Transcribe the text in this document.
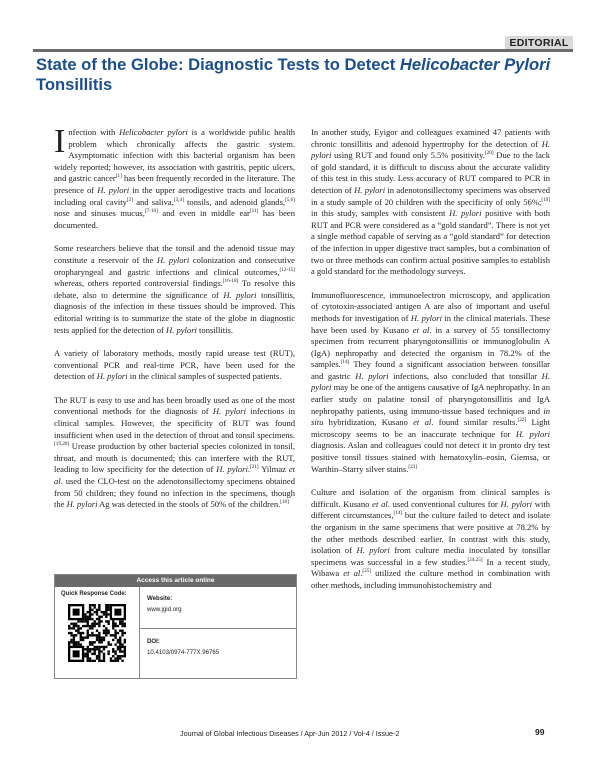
EDITORIAL
State of the Globe: Diagnostic Tests to Detect Helicobacter Pylori Tonsillitis

Infection with Helicobacter pylori is a worldwide public health problem which chronically affects the gastric system. Asymptomatic infection with this bacterial organism has been widely reported; however, its association with gastritis, peptic ulcers, and gastric cancer[1] has been frequently recorded in the literature. The presence of H. pylori in the upper aerodigestive tracts and locations including oral cavity[2] and saliva,[3,4] tonsils, and adenoid glands,[5,6] nose and sinuses mucus,[7-10] and even in middle ear[11] has been documented.

Some researchers believe that the tonsil and the adenoid tissue may constitute a reservoir of the H. pylori colonization and consecutive oropharyngeal and gastric infections and clinical outcomes,[12-15] whereas, others reported controversial findings.[16-18] To resolve this debate, also to determine the significance of H. pylori tonsillitis, diagnosis of the infection in these tissues should be improved. This editorial writing is to summarize the state of the globe in diagnostic tests applied for the detection of H. pylori tonsillitis.

A variety of laboratory methods, mostly rapid urease test (RUT), conventional PCR and real-time PCR, have been used for the detection of H. pylori in the clinical samples of suspected patients.

The RUT is easy to use and has been broadly used as one of the most conventional methods for the diagnosis of H. pylori infections in clinical samples. However, the specificity of RUT was found insufficient when used in the detection of throat and tonsil specimens.[19,20] Urease production by other bacterial species colonized in tonsil, throat, and mouth is documented; this can interfere with the RUT, leading to low specificity for the detection of H. pylori.[21] Yilmaz et al. used the CLO-test on the adenotonsillectomy specimens obtained from 50 children; they found no infection in the specimens, though the H. pylori Ag was detected in the stools of 50% of the children.[16]

In another study, Eyigor and colleagues examined 47 patients with chronic tonsillitis and adenoid hypertrophy for the detection of H. pylori using RUT and found only 5.5% positivity.[20] Due to the lack of gold standard, it is difficult to discuss about the accurate validity of this test in this study. Less accuracy of RUT compared to PCR in detection of H. pylori in adenotonsillectomy specimens was observed in a study sample of 20 children with the specificity of only 56%;[19] in this study, samples with consistent H. pylori positive with both RUT and PCR were considered as a “gold standard”. There is not yet a single method capable of serving as a “gold standard” for detection of the infection in upper digestive tract samples, but a combination of two or three methods can confirm actual positive samples to establish a gold standard for the methodology surveys.

Immunofluorescence, immunoelectron microscopy, and application of cytotoxin-associated antigen A are also of important and useful methods for investigation of H. pylori in the clinical materials. These have been used by Kusano et al. in a survey of 55 tonsillectomy specimen from recurrent pharyngotonsillitis or immunoglobulin A (IgA) nephropathy and detected the organism in 78.2% of the samples.[14] They found a significant association between tonsillar and gastric H. pylori infections, also concluded that tonsillar H. pylori may be one of the antigens causative of IgA nephropathy. In an earlier study on palatine tonsil of pharyngotonsillitis and IgA nephropathy patients, using immuno-tissue based techniques and in situ hybridization, Kusano et al. found similar results.[22] Light microscopy seems to be an inaccurate technique for H. pylori diagnosis. Aslan and colleagues could not detect it in pronto dry test positive tonsil tissues stained with hematoxylin–eosin, Giemsa, or Warthin–Starry silver stains.[23]

Culture and isolation of the organism from clinical samples is difficult. Kusano et al. used conventional cultures for H. pylori with different circumstances,[14] but the culture failed to detect and isolate the organism in the same specimens that were positive at 78.2% by the other methods described earlier. In contrast with this study, isolation of H. pylori from culture media inoculated by tonsillar specimens was successful in a few studies.[24,25] In a recent study, Wibawa et al.[25] utilized the culture method in combination with other methods, including immunohistochemistry and

Access this article online
Quick Response Code:
Website:
www.jgid.org
DOI:
10.4103/0974-777X.96765
Journal of Global Infectious Diseases / Apr-Jun 2012 / Vol-4 / Issue-2	99
